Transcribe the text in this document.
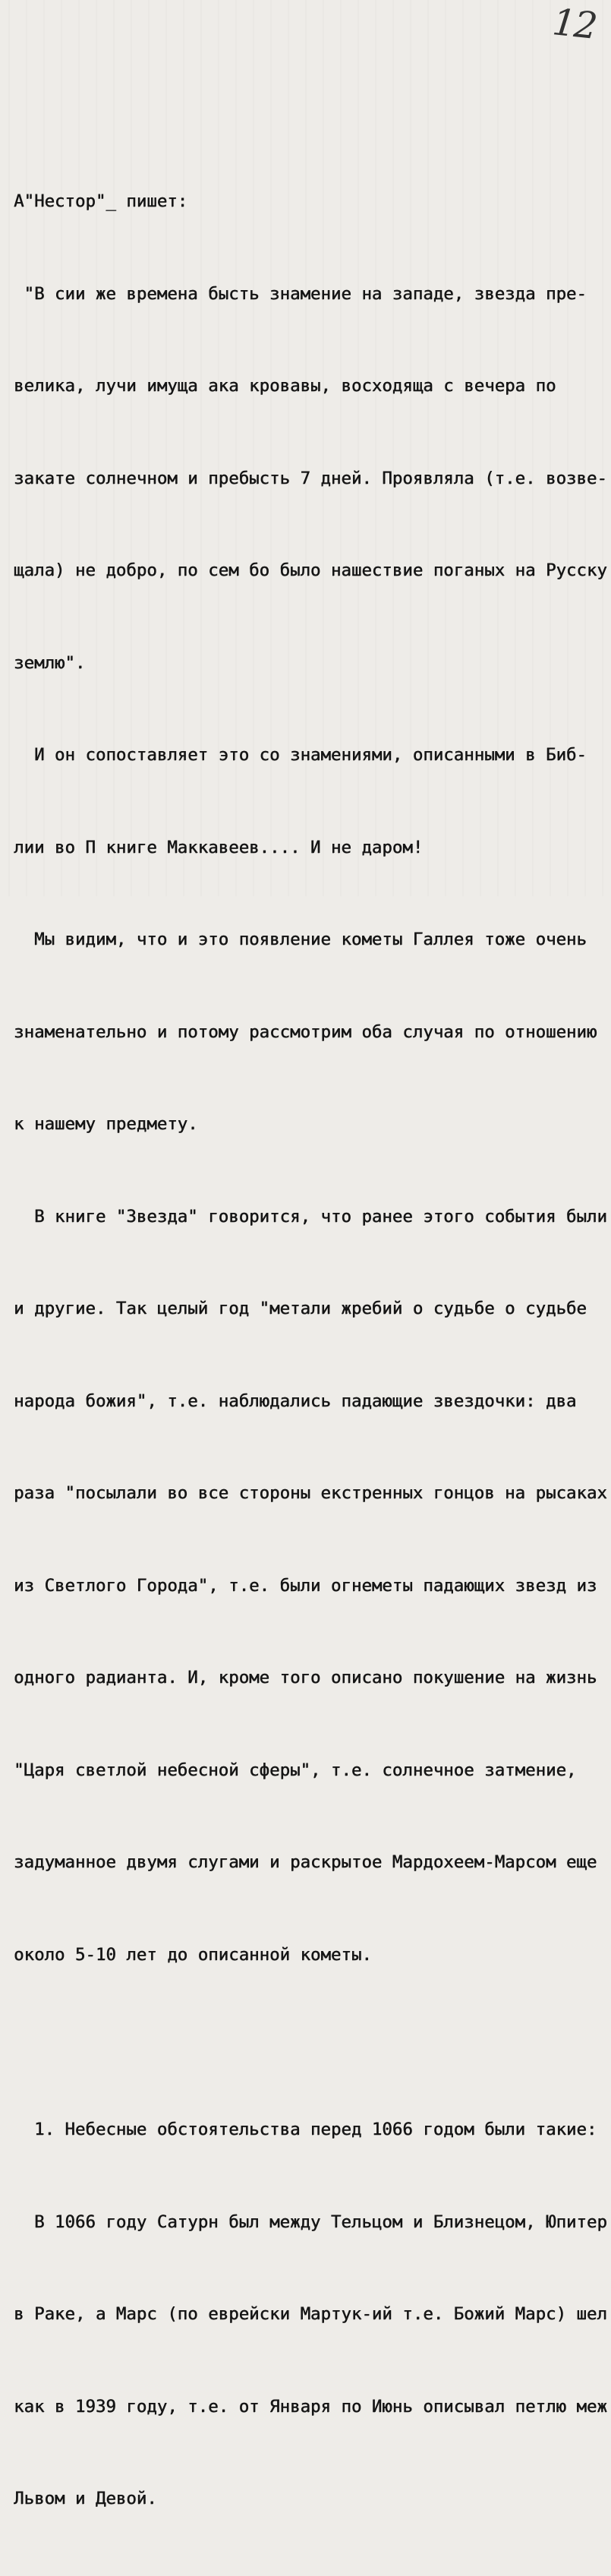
12

А"Нестор"_ пишет:

"В сии же времена бысть знамение на западе, звезда пре-

велика, лучи имуща ака кровавы, восходяща с вечера по

закате солнечном и пребысть 7 дней. Проявляла (т.е. возве-

щала) не добро, по сем бо было нашествие поганых на Русску

землю".

И он сопоставляет это со знамениями, описанными в Биб-

лии во П книге Маккавеев.... И не даром!

Мы видим, что и это появление кометы Галлея тоже очень

знаменательно и потому рассмотрим оба случая по отношению

к нашему предмету.

В книге "Звезда" говорится, что ранее этого события были

и другие. Так целый год "метали жребий о судьбе о судьбе

народа божия", т.е. наблюдались падающие звездочки: два

раза "посылали во все стороны екстренных гонцов на рысаках

из Светлого Города", т.е. были огнеметы падающих звезд из

одного радианта. И, кроме того описано покушение на жизнь

"Царя светлой небесной сферы", т.е. солнечное затмение,

задуманное двумя слугами и раскрытое Мардохеем-Марсом еще

около 5-10 лет до описанной кометы.

1. Небесные обстоятельства перед 1066 годом были такие:

В 1066 году Сатурн был между Тельцом и Близнецом, Юпитер

в Раке, а Марс (по еврейски Мартук-ий т.е. Божий Марс) шел

как в 1939 году, т.е. от Января по Июнь описывал петлю меж

Львом и Девой.
